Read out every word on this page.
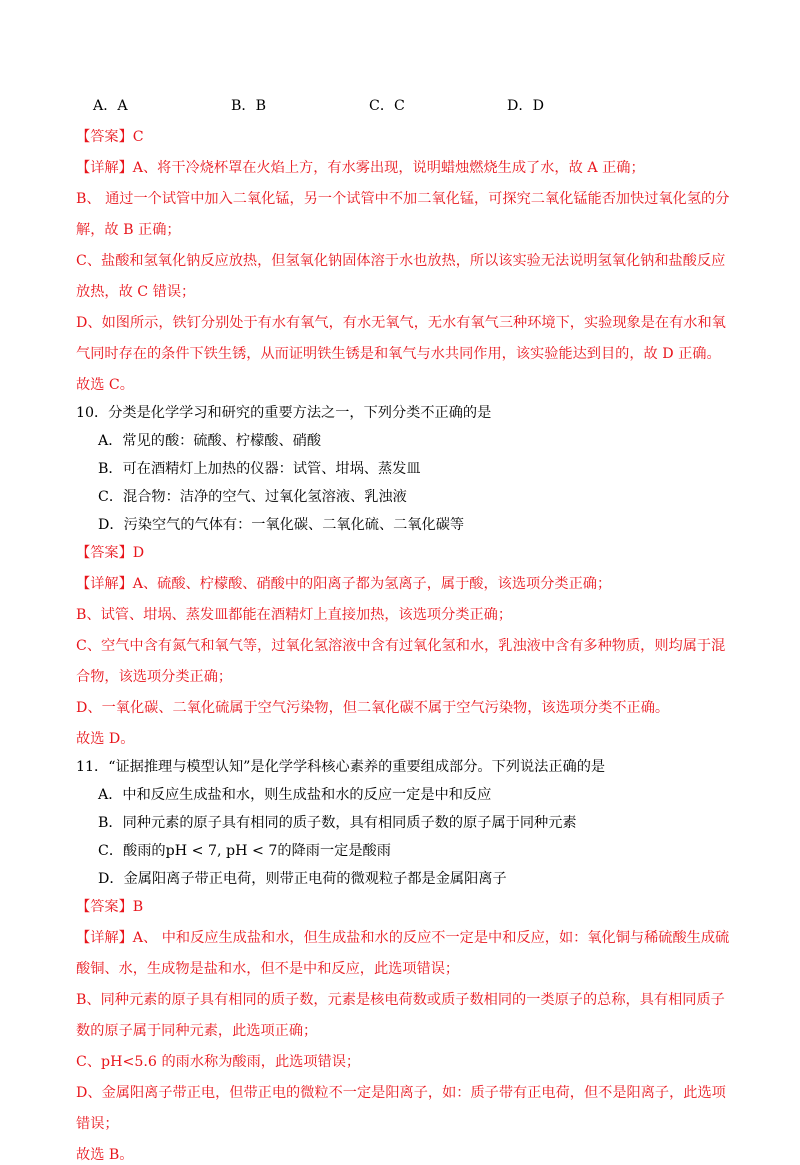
A．A	B．B	C．C	D．D

【答案】C

【详解】A、将干冷烧杯罩在火焰上方，有水雾出现，说明蜡烛燃烧生成了水，故 A 正确；

B、 通过一个试管中加入二氧化锰，另一个试管中不加二氧化锰，可探究二氧化锰能否加快过氧化氢的分

解，故 B 正确；

C、盐酸和氢氧化钠反应放热，但氢氧化钠固体溶于水也放热，所以该实验无法说明氢氧化钠和盐酸反应

放热，故 C 错误；

D、如图所示，铁钉分别处于有水有氧气，有水无氧气，无水有氧气三种环境下，实验现象是在有水和氧

气同时存在的条件下铁生锈，从而证明铁生锈是和氧气与水共同作用，该实验能达到目的，故 D 正确。

故选 C。

10．分类是化学学习和研究的重要方法之一，下列分类不正确的是

A．常见的酸：硫酸、柠檬酸、硝酸

B．可在酒精灯上加热的仪器：试管、坩埚、蒸发皿

C．混合物：洁净的空气、过氧化氢溶液、乳浊液

D．污染空气的气体有：一氧化碳、二氧化硫、二氧化碳等

【答案】D

【详解】A、硫酸、柠檬酸、硝酸中的阳离子都为氢离子，属于酸，该选项分类正确；

B、试管、坩埚、蒸发皿都能在酒精灯上直接加热，该选项分类正确；

C、空气中含有氮气和氧气等，过氧化氢溶液中含有过氧化氢和水，乳浊液中含有多种物质，则均属于混

合物，该选项分类正确；

D、一氧化碳、二氧化硫属于空气污染物，但二氧化碳不属于空气污染物，该选项分类不正确。

故选 D。

11．“证据推理与模型认知”是化学学科核心素养的重要组成部分。下列说法正确的是

A．中和反应生成盐和水，则生成盐和水的反应一定是中和反应

B．同种元素的原子具有相同的质子数，具有相同质子数的原子属于同种元素

C．酸雨的pH < 7, pH < 7的降雨一定是酸雨

D．金属阳离子带正电荷，则带正电荷的微观粒子都是金属阳离子

【答案】B

【详解】A、 中和反应生成盐和水，但生成盐和水的反应不一定是中和反应，如：氧化铜与稀硫酸生成硫

酸铜、水，生成物是盐和水，但不是中和反应，此选项错误；

B、同种元素的原子具有相同的质子数，元素是核电荷数或质子数相同的一类原子的总称，具有相同质子

数的原子属于同种元素，此选项正确；

C、pH<5.6 的雨水称为酸雨，此选项错误；

D、金属阳离子带正电，但带正电的微粒不一定是阳离子，如：质子带有正电荷，但不是阳离子，此选项

错误；

故选 B。
